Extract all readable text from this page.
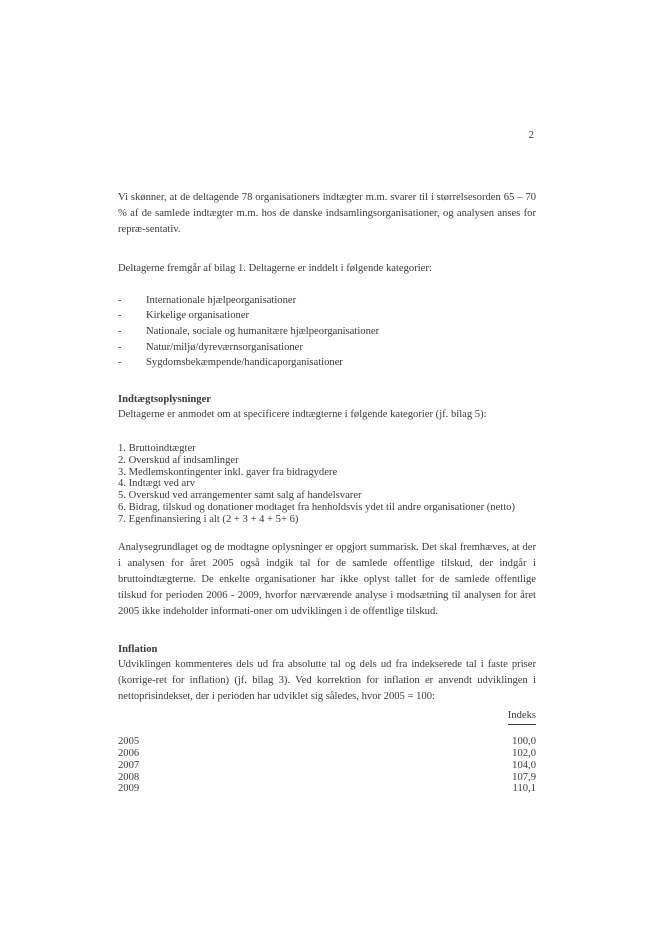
2

Vi skønner, at de deltagende 78 organisationers indtægter m.m. svarer til i størrelsesorden 65 – 70 % af de samlede indtægter m.m. hos de danske indsamlingsorganisationer, og analysen anses for repræ-sentativ.

Deltagerne fremgår af bilag 1. Deltagerne er inddelt i følgende kategorier:

- Internationale hjælpeorganisationer
- Kirkelige organisationer
- Nationale, sociale og humanitære hjælpeorganisationer
- Natur/miljø/dyreværnsorganisationer
- Sygdomsbekæmpende/handicaporganisationer
Indtægtsoplysninger

Deltagerne er anmodet om at specificere indtægterne i følgende kategorier (jf. bilag 5):

1. Bruttoindtægter
2. Overskud af indsamlinger
3. Medlemskontingenter inkl. gaver fra bidragydere
4. Indtægt ved arv
5. Overskud ved arrangementer samt salg af handelsvarer
6. Bidrag, tilskud og donationer modtaget fra henholdsvis ydet til andre organisationer (netto)
7. Egenfinansiering i alt (2 + 3 + 4 + 5+ 6)

Analysegrundlaget og de modtagne oplysninger er opgjort summarisk. Det skal fremhæves, at der i analysen for året 2005 også indgik tal for de samlede offentlige tilskud, der indgår i bruttoindtægterne. De enkelte organisationer har ikke oplyst tallet for de samlede offentlige tilskud for perioden 2006 - 2009, hvorfor nærværende analyse i modsætning til analysen for året 2005 ikke indeholder informati-oner om udviklingen i de offentlige tilskud.

Inflation

Udviklingen kommenteres dels ud fra absolutte tal og dels ud fra indekserede tal i faste priser (korrige-ret for inflation) (jf. bilag 3). Ved korrektion for inflation er anvendt udviklingen i nettoprisindekset, der i perioden har udviklet sig således, hvor 2005 = 100:

	Indeks

2005	100,0
2006	102,0
2007	104,0
2008	107,9
2009	110,1
